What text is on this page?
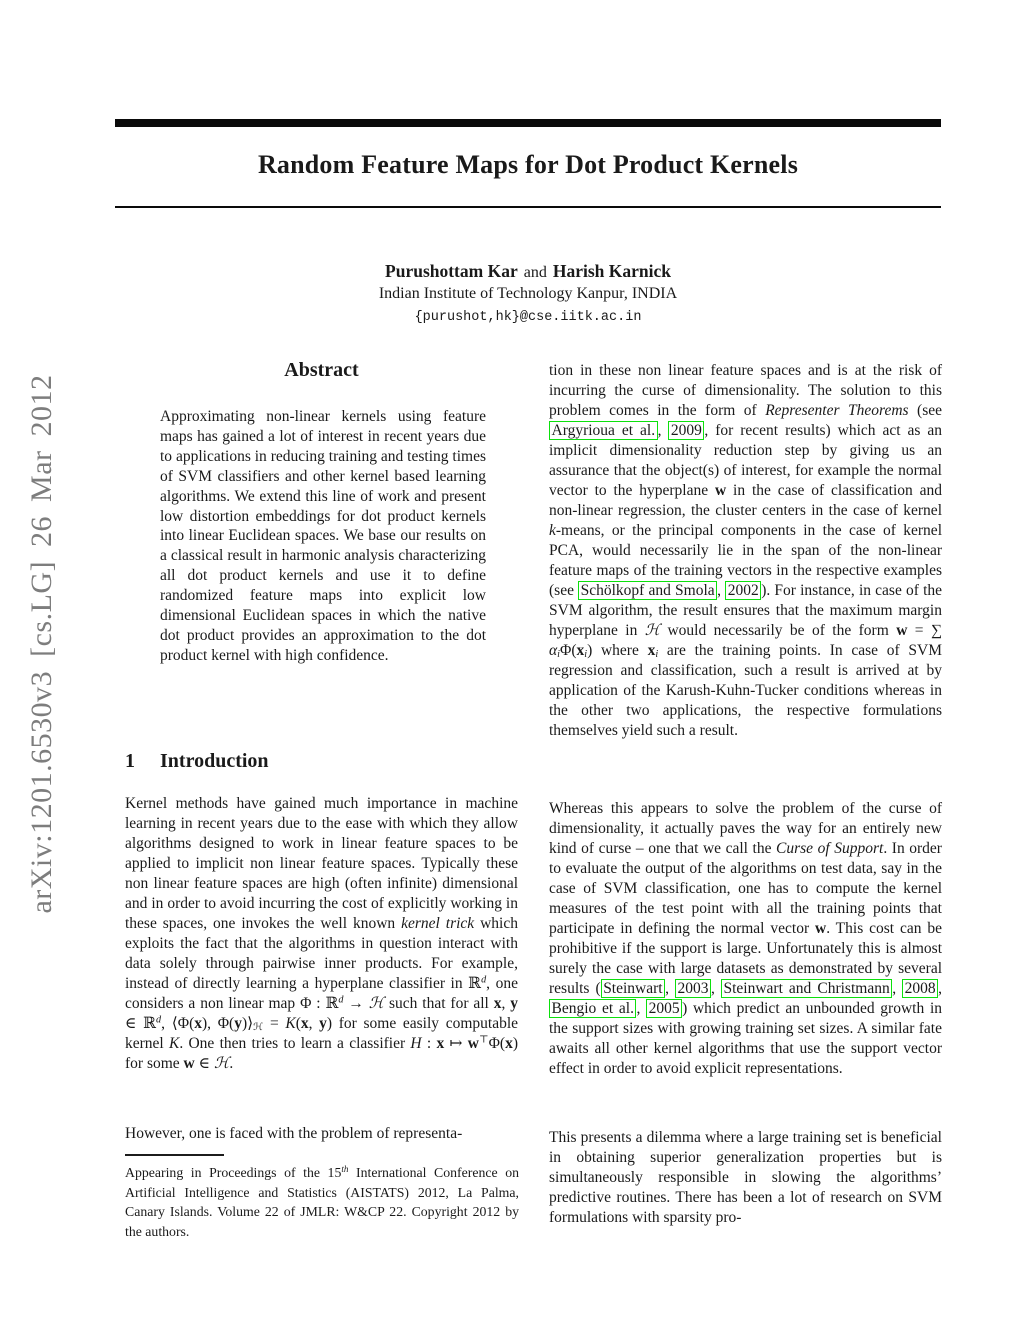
arXiv:1201.6530v3 [cs.LG] 26 Mar 2012
Random Feature Maps for Dot Product Kernels
Purushottam Kar and Harish Karnick
Indian Institute of Technology Kanpur, INDIA
{purushot,hk}@cse.iitk.ac.in
Abstract
Approximating non-linear kernels using feature maps has gained a lot of interest in recent years due to applications in reducing training and testing times of SVM classifiers and other kernel based learning algorithms. We extend this line of work and present low distortion embeddings for dot product kernels into linear Euclidean spaces. We base our results on a classical result in harmonic analysis characterizing all dot product kernels and use it to define randomized feature maps into explicit low dimensional Euclidean spaces in which the native dot product provides an approximation to the dot product kernel with high confidence.
1 Introduction
Kernel methods have gained much importance in machine learning in recent years due to the ease with which they allow algorithms designed to work in linear feature spaces to be applied to implicit non linear feature spaces. Typically these non linear feature spaces are high (often infinite) dimensional and in order to avoid incurring the cost of explicitly working in these spaces, one invokes the well known kernel trick which exploits the fact that the algorithms in question interact with data solely through pairwise inner products. For example, instead of directly learning a hyperplane classifier in ℝ$^d$, one considers a non linear map Φ : ℝ$^d$ → ℋ such that for all x, y ∈ ℝ$^d$, ⟨Φ(x), $\Phi(y)⟩_ℋ = K(x$, y) for some easily computable kernel K. One then tries to learn a classifier H : x ↦ w⊤Φ(x) for some w ∈ ℋ.
However, one is faced with the problem of representa-
Appearing in Proceedings of the 15th International Conference on Artificial Intelligence and Statistics (AISTATS) 2012, La Palma, Canary Islands. Volume 22 of JMLR: W&CP 22. Copyright 2012 by the authors.
tion in these non linear feature spaces and is at the risk of incurring the curse of dimensionality. The solution to this problem comes in the form of Representer Theorems (see Argyrioua et al. , 2009 , for recent results) which act as an implicit dimensionality reduction step by giving us an assurance that the object(s) of interest, for example the normal vector to the hyperplane w in the case of classification and non-linear regression, the cluster centers in the case of kernel k-means, or the principal components in the case of kernel PCA, would necessarily lie in the span of the non-linear feature maps of the training vectors in the respective examples (see Schölkopf and Smola , 2002 ). For instance, in case of the SVM algorithm, the result ensures that the maximum margin hyperplane in ℋ would necessarily be of the form w = ∑ $\alpha_i\Phi(x_i)$ where $x_i$ are the training points. In case of SVM regression and classification, such a result is arrived at by application of the Karush-Kuhn-Tucker conditions whereas in the other two applications, the respective formulations themselves yield such a result.
Whereas this appears to solve the problem of the curse of dimensionality, it actually paves the way for an entirely new kind of curse – one that we call the Curse of Support. In order to evaluate the output of the algorithms on test data, say in the case of SVM classification, one has to compute the kernel measures of the test point with all the training points that participate in defining the normal vector w. This cost can be prohibitive if the support is large. Unfortunately this is almost surely the case with large datasets as demonstrated by several results ( Steinwart , 2003 , Steinwart and Christmann , 2008 , Bengio et al. , 2005 ) which predict an unbounded growth in the support sizes with growing training set sizes. A similar fate awaits all other kernel algorithms that use the support vector effect in order to avoid explicit representations.
This presents a dilemma where a large training set is beneficial in obtaining superior generalization properties but is simultaneously responsible in slowing the algorithms’ predictive routines. There has been a lot of research on SVM formulations with sparsity pro-
